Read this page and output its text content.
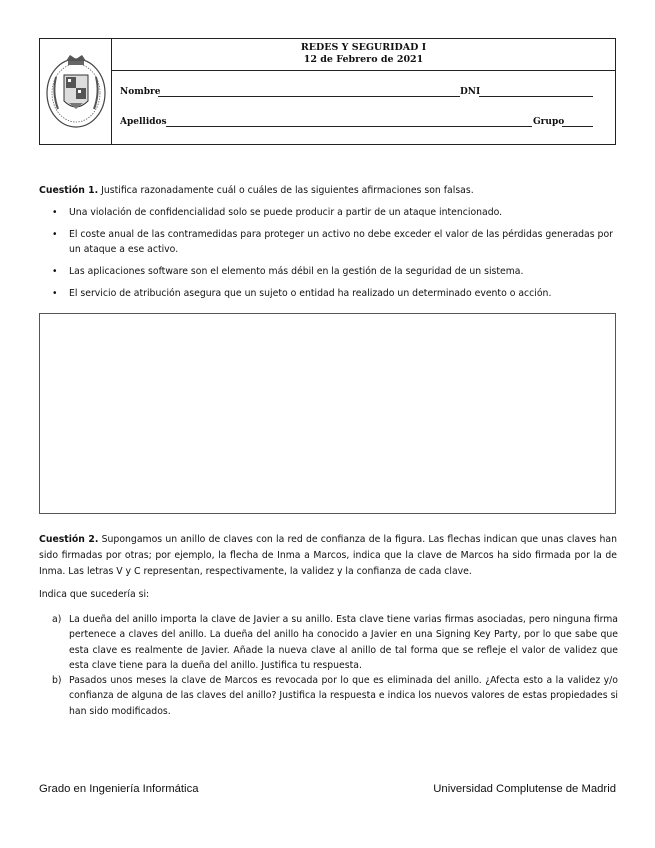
REDES Y SEGURIDAD I
12 de Febrero de 2021
Nombre	DNI
Apellidos	Grupo
Cuestión 1. Justifica razonadamente cuál o cuáles de las siguientes afirmaciones son falsas.
• Una violación de confidencialidad solo se puede producir a partir de un ataque intencionado.
• El coste anual de las contramedidas para proteger un activo no debe exceder el valor de las pérdidas generadas por un ataque a ese activo.
• Las aplicaciones software son el elemento más débil en la gestión de la seguridad de un sistema.
• El servicio de atribución asegura que un sujeto o entidad ha realizado un determinado evento o acción.
Cuestión 2. Supongamos un anillo de claves con la red de confianza de la figura. Las flechas indican que unas claves han sido firmadas por otras; por ejemplo, la flecha de Inma a Marcos, indica que la clave de Marcos ha sido firmada por la de Inma. Las letras V y C representan, respectivamente, la validez y la confianza de cada clave.
Indica que sucedería si:
a) La dueña del anillo importa la clave de Javier a su anillo. Esta clave tiene varias firmas asociadas, pero ninguna firma pertenece a claves del anillo. La dueña del anillo ha conocido a Javier en una Signing Key Party, por lo que sabe que esta clave es realmente de Javier. Añade la nueva clave al anillo de tal forma que se refleje el valor de validez que esta clave tiene para la dueña del anillo. Justifica tu respuesta.
b) Pasados unos meses la clave de Marcos es revocada por lo que es eliminada del anillo. ¿Afecta esto a la validez y/o confianza de alguna de las claves del anillo? Justifica la respuesta e indica los nuevos valores de estas propiedades si han sido modificados.
Grado en Ingeniería Informática	Universidad Complutense de Madrid
